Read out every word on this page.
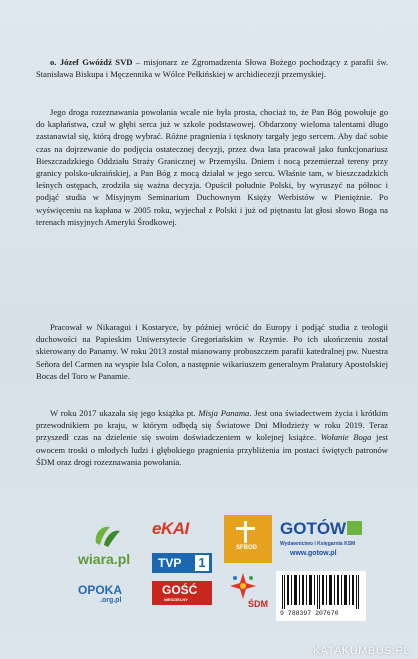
o. Józef Gwóźdź SVD – misjonarz ze Zgromadzenia Słowa Bożego pochodzący z parafii św. Stanisława Biskupa i Męczennika w Wólce Pełkińskiej w archidiecezji przemyskiej.

Jego droga rozeznawania powołania wcale nie była prosta, chociaż to, że Pan Bóg powołuje go do kapłaństwa, czuł w głębi serca już w szkole podstawowej. Obdarzony wieloma talentami długo zastanawiał się, którą drogę wybrać. Różne pragnienia i tęsknoty targały jego sercem. Aby dać sobie czas na dojrzewanie do podjęcia ostatecznej decyzji, przez dwa lata pracował jako funkcjonariusz Bieszczadzkiego Oddziału Straży Granicznej w Przemyślu. Dniem i nocą przemierzał tereny przy granicy polsko-ukraińskiej, a Pan Bóg z mocą działał w jego sercu. Właśnie tam, w bieszczadzkich leśnych ostępach, zrodziła się ważna decyzja. Opuścił południe Polski, by wyruszyć na północ i podjąć studia w Misyjnym Seminarium Duchownym Księży Werbistów w Pieniężnie. Po wyświęceniu na kapłana w 2005 roku, wyjechał z Polski i już od piętnastu lat głosi słowo Boga na terenach misyjnych Ameryki Środkowej.

Pracował w Nikaragui i Kostaryce, by później wrócić do Europy i podjąć studia z teologii duchowości na Papieskim Uniwersytecie Gregoriańskim w Rzymie. Po ich ukończeniu został skierowany do Panamy. W roku 2013 został mianowany proboszczem parafii katedralnej pw. Nuestra Señora del Carmen na wyspie Isla Colon, a następnie wikariuszem generalnym Prałatury Apostolskiej Bocas del Toro w Panamie.

W roku 2017 ukazała się jego książka pt. Misja Panama. Jest ona świadectwem życia i krótkim przewodnikiem po kraju, w którym odbędą się Światowe Dni Młodzieży w roku 2019. Teraz przyszedł czas na dzielenie się swoim doświadczeniem w kolejnej książce. Wołanie Boga jest owocem troski o młodych ludzi i głębokiego pragnienia przybliżenia im postaci świętych patronów ŚDM oraz drogi rozeznawania powołania.

wiara.pl
eKAI
TVP 1
SFBOD
GOTÓW
Wydawnictwo i Księgarnia KSM
www.gotow.pl
OPOKA
.org.pl
GOŚĆ
NIEDZIELNY	ŚDM
9 788397 207670
KATAKUMBUS.PL
